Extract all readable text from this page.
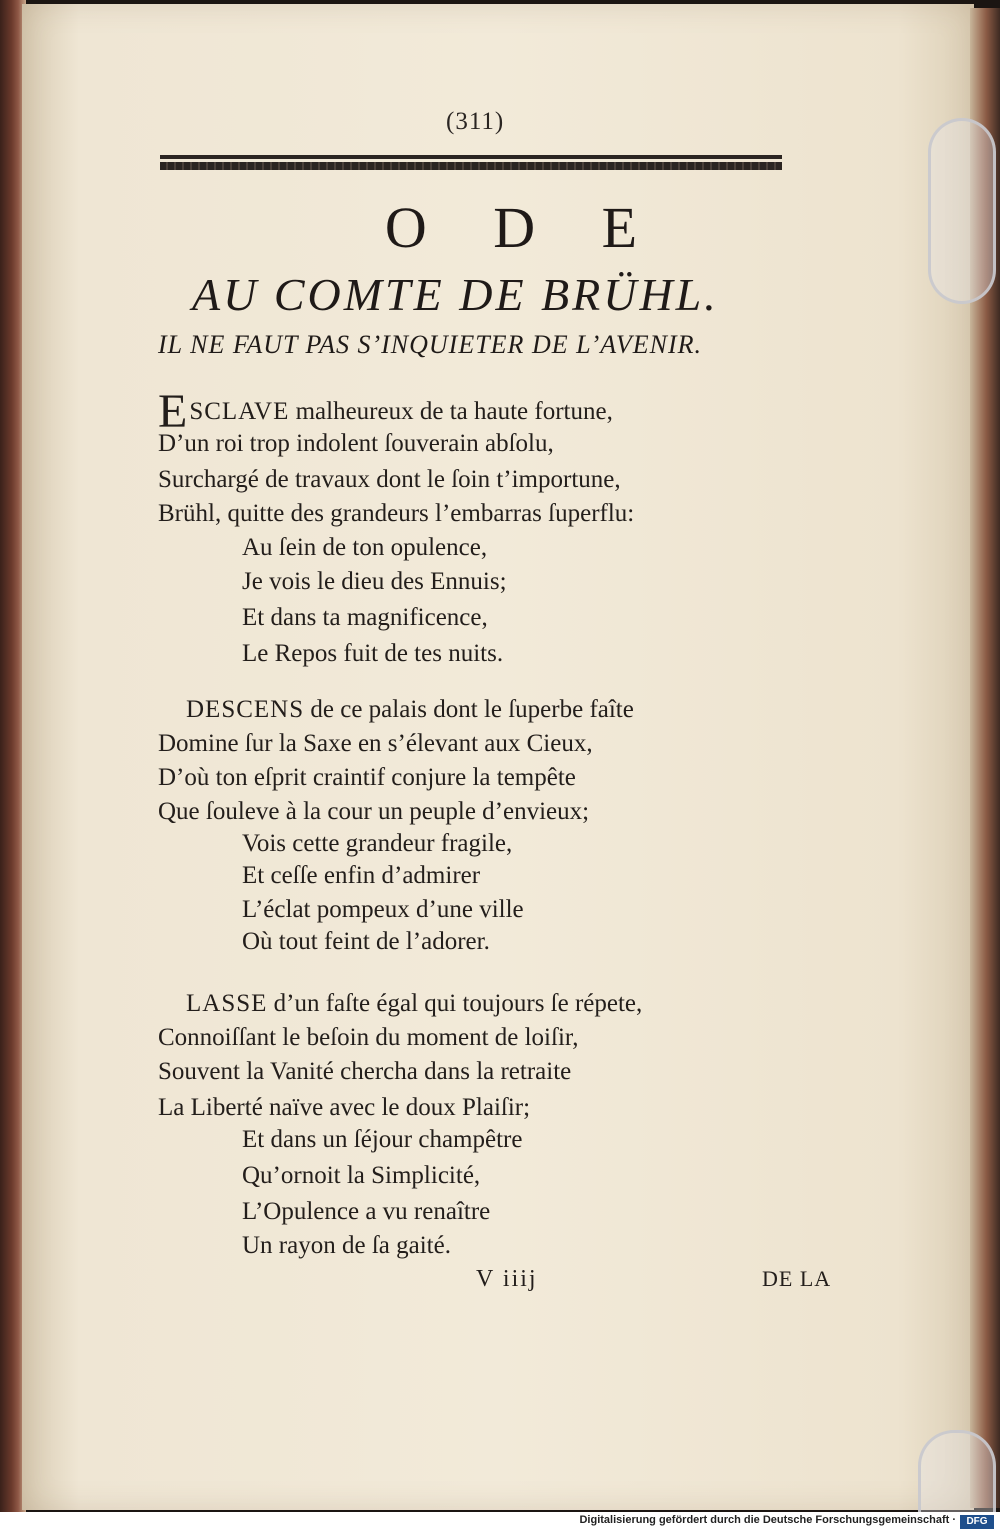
(311)
O D E
AU COMTE DE BRÜHL.
IL NE FAUT PAS S’INQUIETER DE L’AVENIR.
ESCLAVE malheureux de ta haute fortune,
D’un roi trop indolent ſouverain abſolu,
Surchargé de travaux dont le ſoin t’importune,
Brühl, quitte des grandeurs l’embarras ſuperflu:
Au ſein de ton opulence,
Je vois le dieu des Ennuis;
Et dans ta magnificence,
Le Repos fuit de tes nuits.
DESCENS de ce palais dont le ſuperbe faîte
Domine ſur la Saxe en s’élevant aux Cieux,
D’où ton eſprit craintif conjure la tempête
Que ſouleve à la cour un peuple d’envieux;
Vois cette grandeur fragile,
Et ceſſe enfin d’admirer
L’éclat pompeux d’une ville
Où tout feint de l’adorer.
LASSE d’un faſte égal qui toujours ſe répete,
Connoiſſant le beſoin du moment de loiſir,
Souvent la Vanité chercha dans la retraite
La Liberté naïve avec le doux Plaiſir;
Et dans un ſéjour champêtre
Qu’ornoit la Simplicité,
L’Opulence a vu renaître
Un rayon de ſa gaité.
V iiij	DE LA
Digitalisierung gefördert durch die Deutsche Forschungsgemeinschaft ·	DFG
